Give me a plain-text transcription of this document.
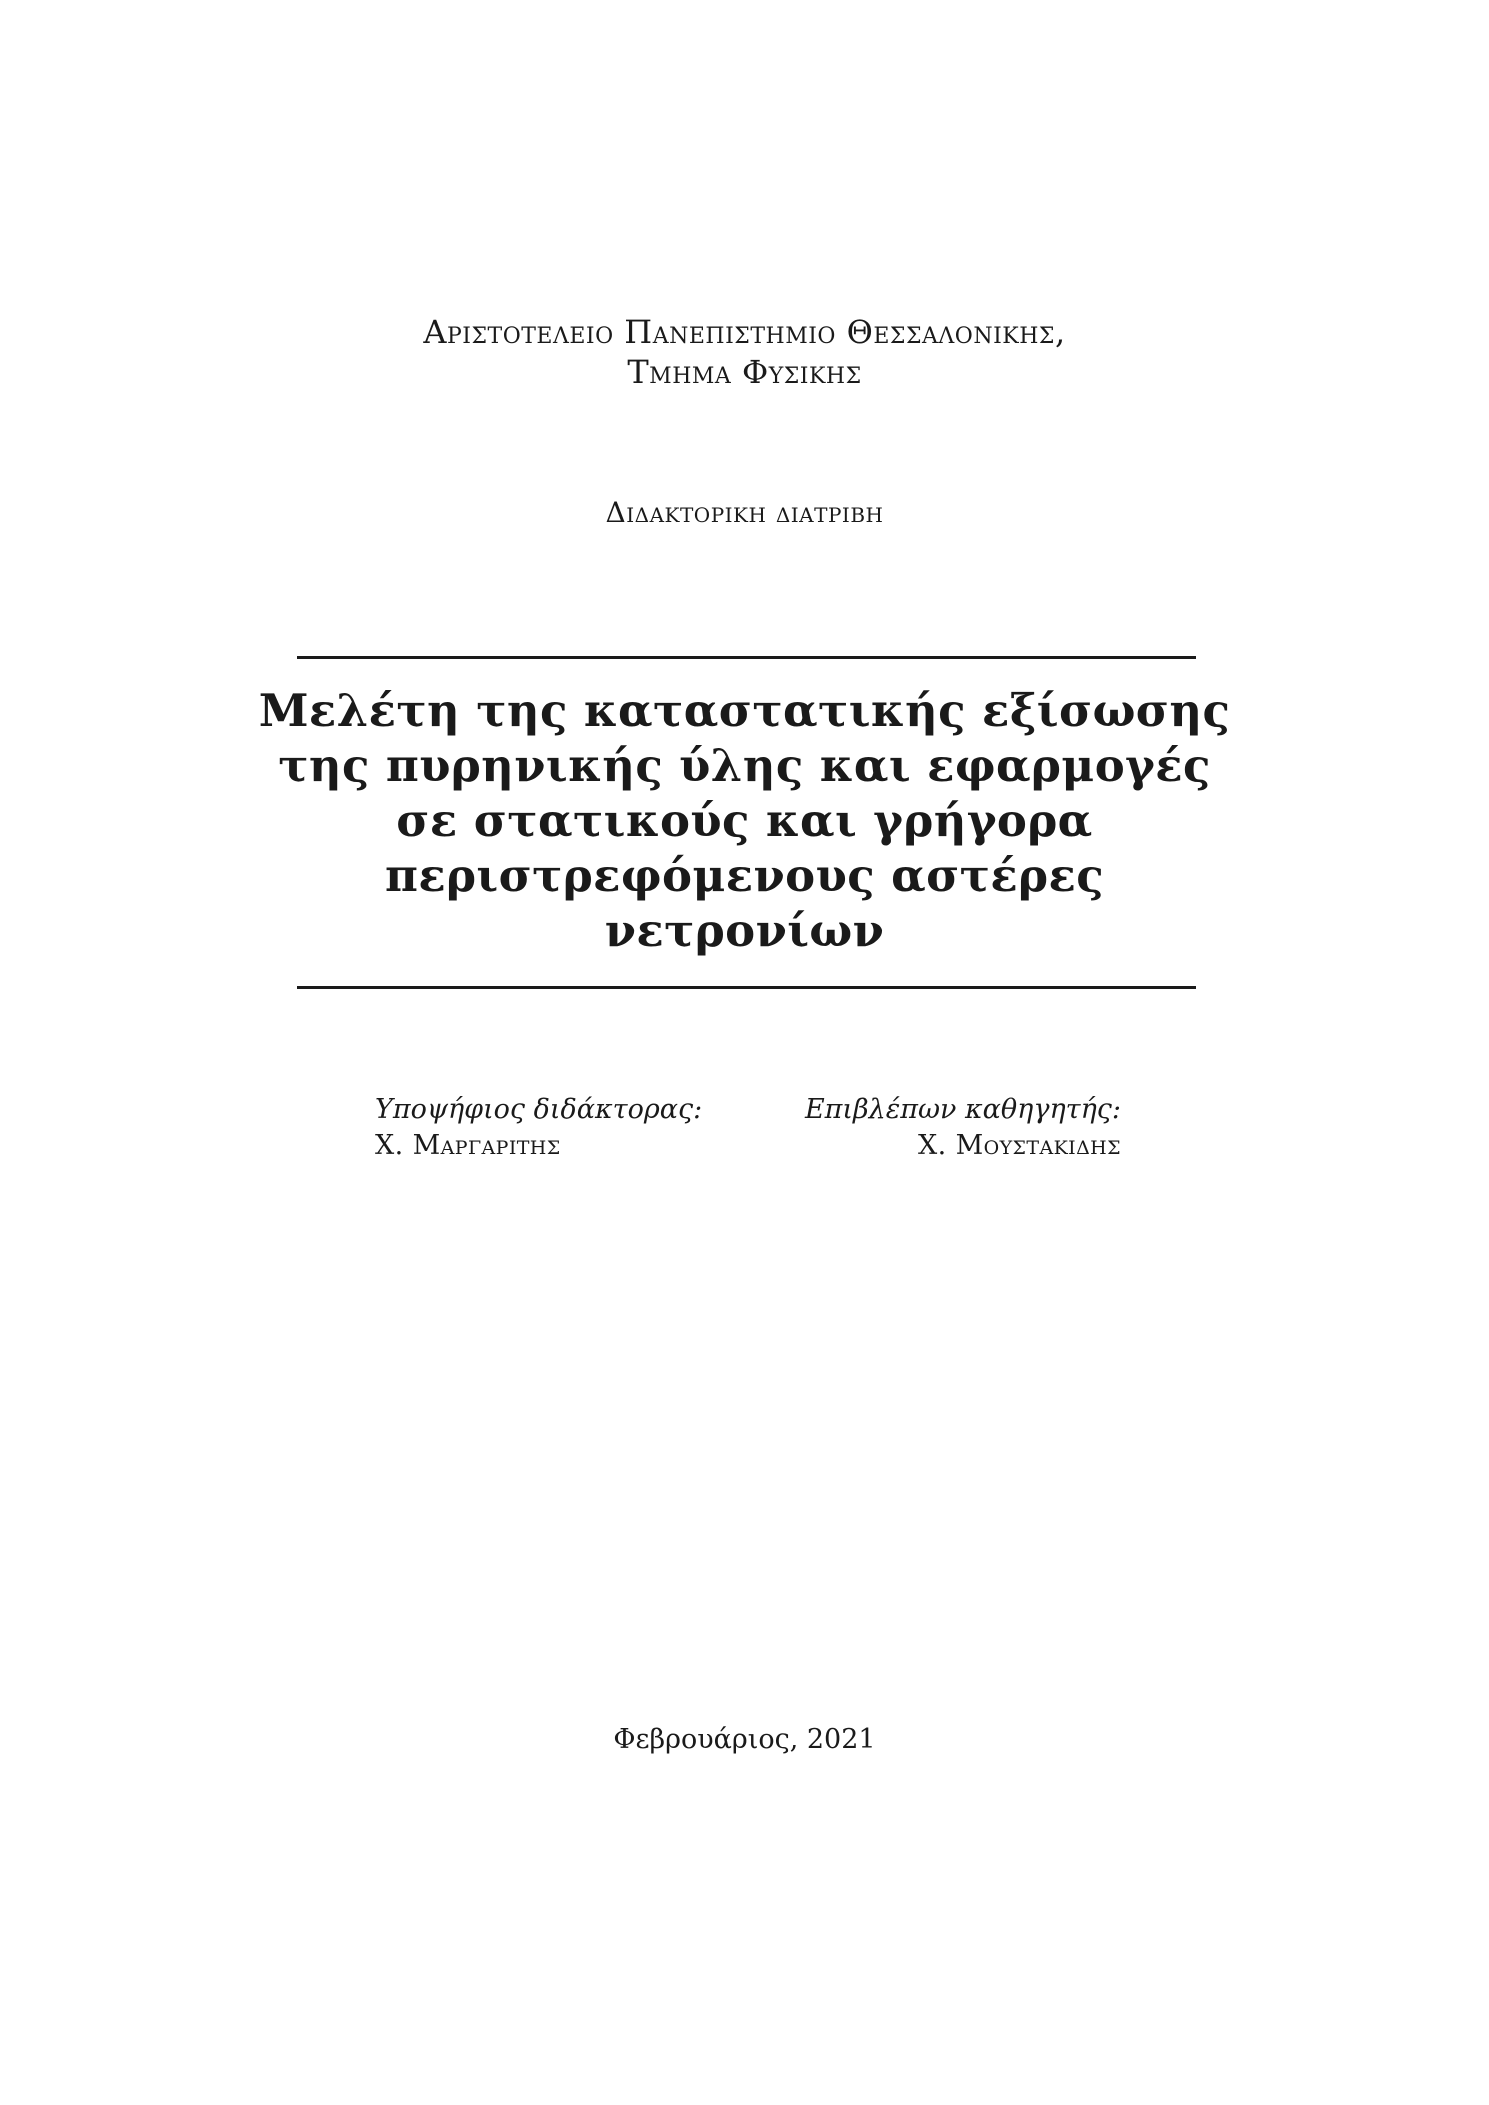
Αριστοτελειο Πανεπιστημιο Θεσσαλονικης,
Τμημα Φυσικης
Διδακτορικη διατριβη
Μελέτη της καταστατικής εξίσωσης
της πυρηνικής ύλης και εφαρμογές
σε στατικούς και γρήγορα
περιστρεφόμενους αστέρες
νετρονίων
Υποψήφιος διδάκτορας:
Χ. Μαργαριτης
Επιβλέπων καθηγητής:
Χ. Μουστακιδης
Φεβρουάριος, 2021
